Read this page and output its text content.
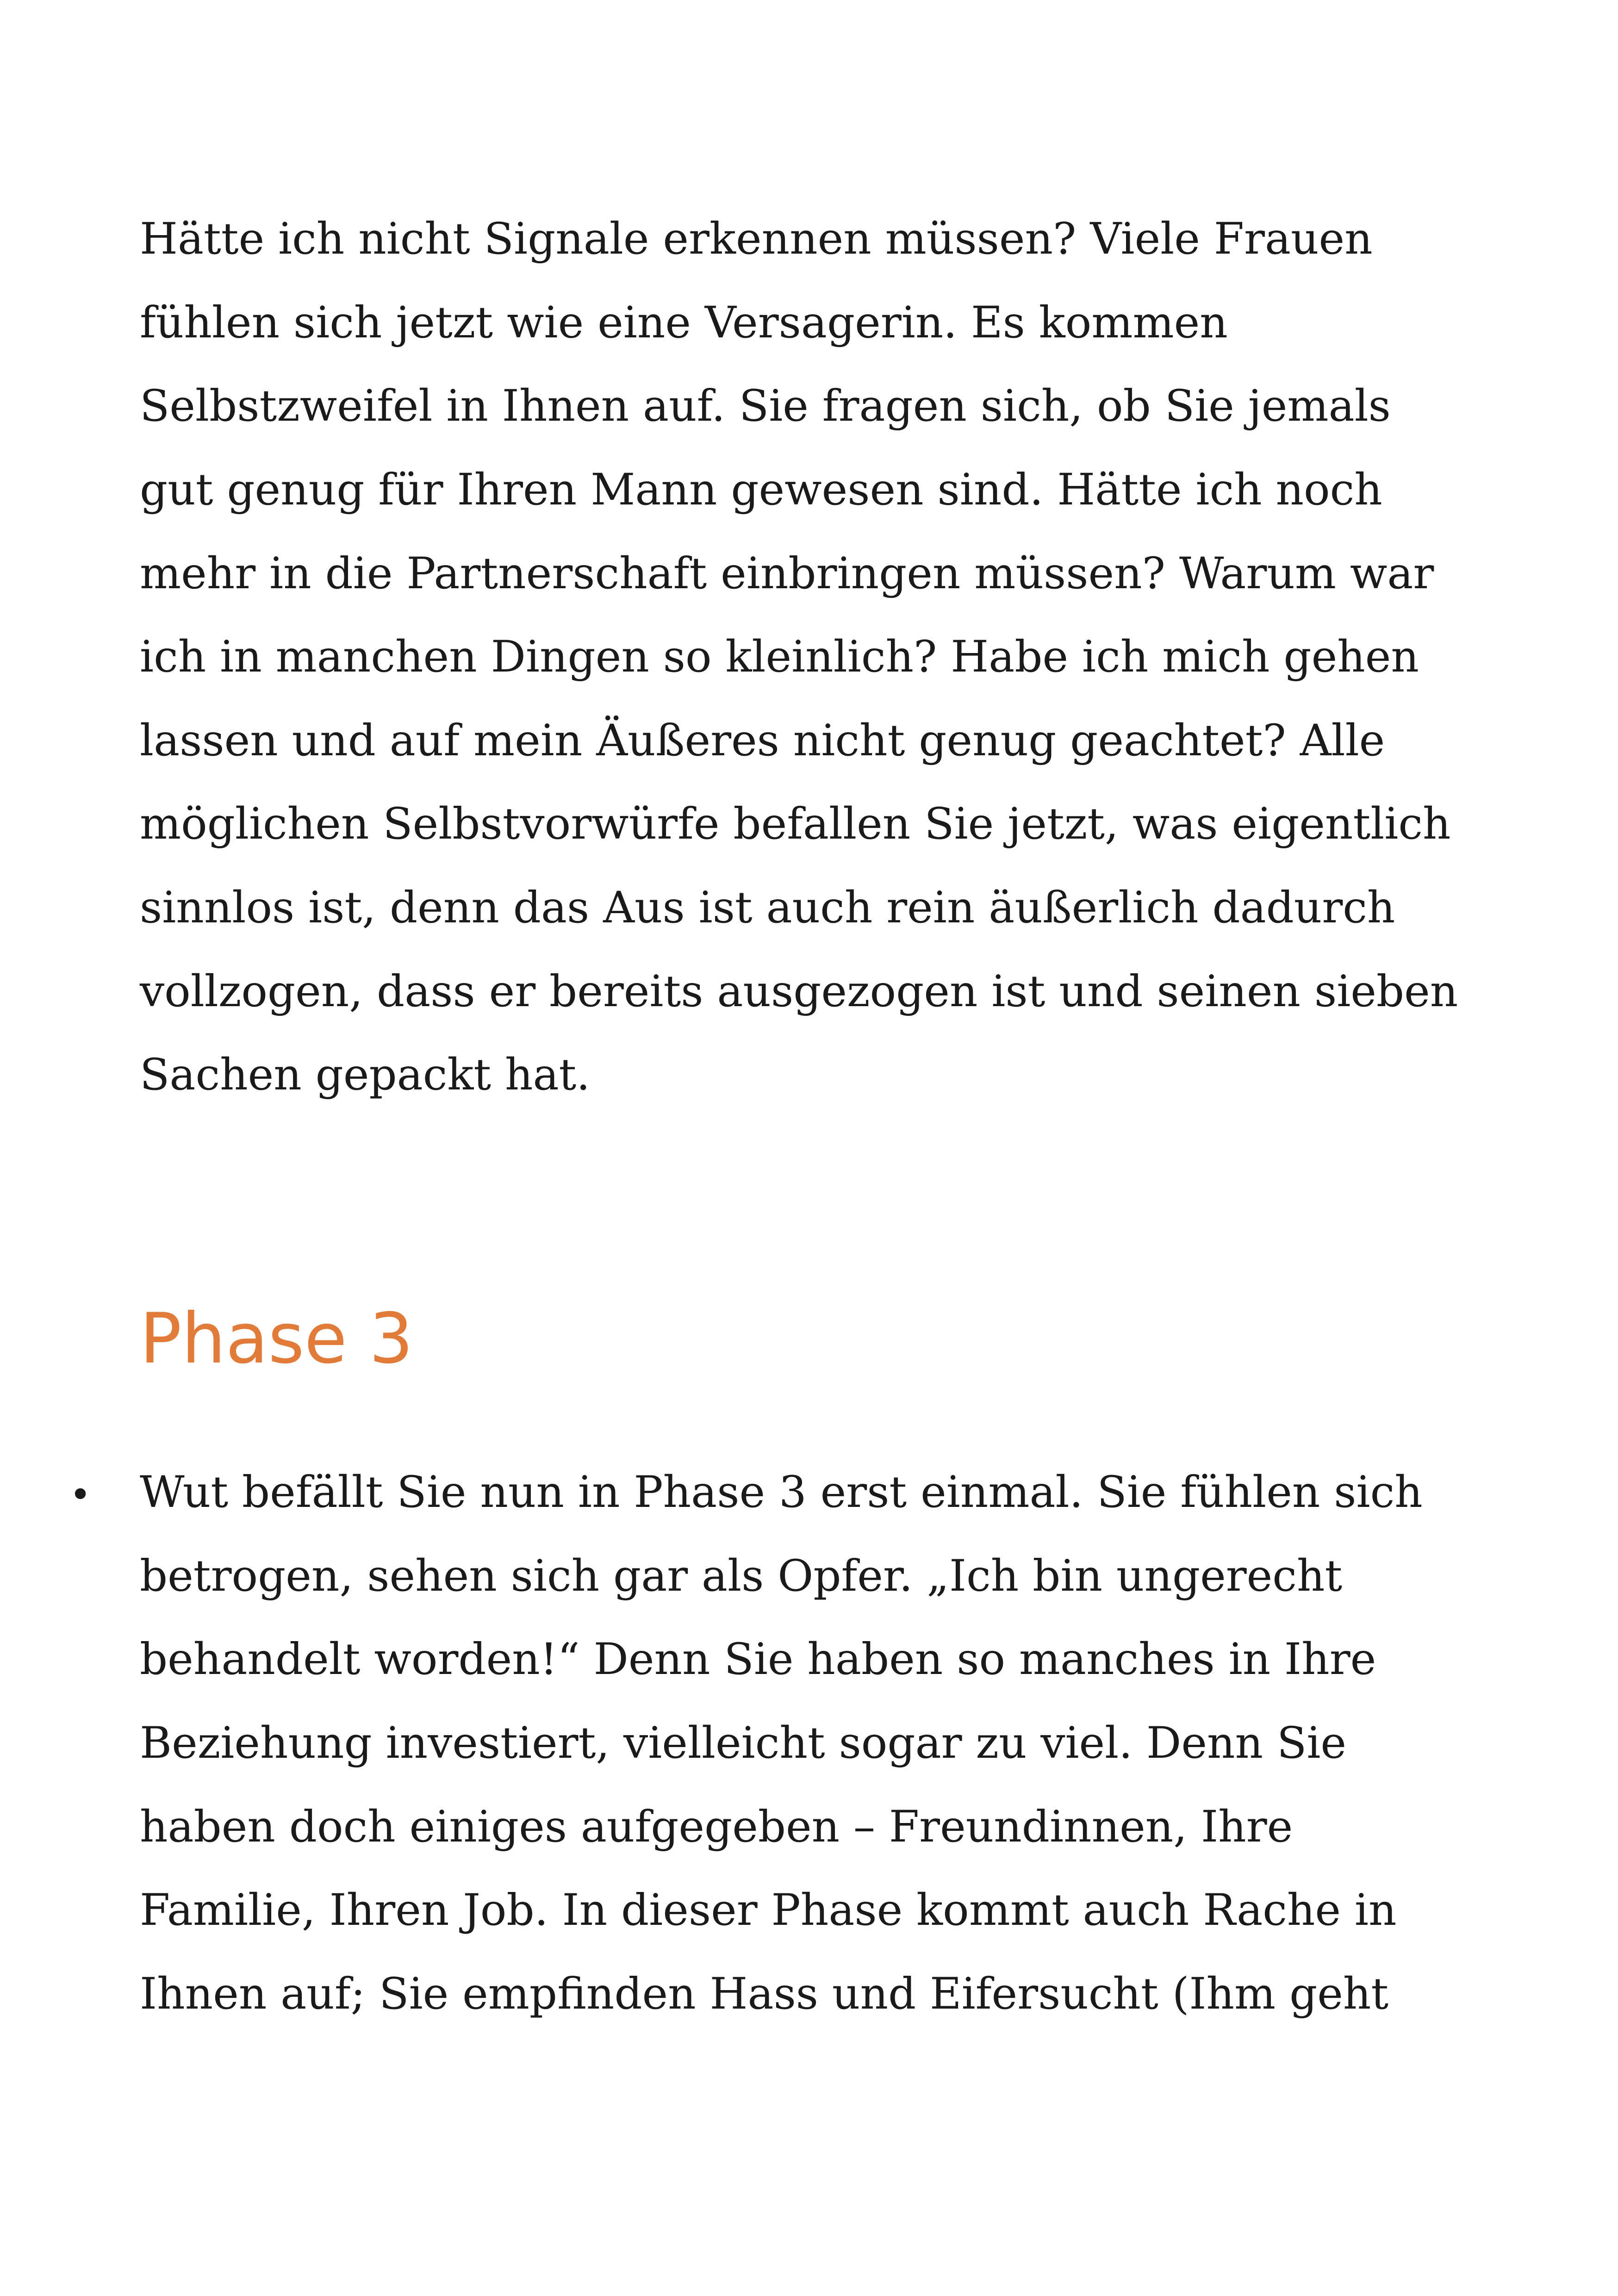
Hätte ich nicht Signale erkennen müssen? Viele Frauen
fühlen sich jetzt wie eine Versagerin. Es kommen
Selbstzweifel in Ihnen auf. Sie fragen sich, ob Sie jemals
gut genug für Ihren Mann gewesen sind. Hätte ich noch
mehr in die Partnerschaft einbringen müssen? Warum war
ich in manchen Dingen so kleinlich? Habe ich mich gehen
lassen und auf mein Äußeres nicht genug geachtet? Alle
möglichen Selbstvorwürfe befallen Sie jetzt, was eigentlich
sinnlos ist, denn das Aus ist auch rein äußerlich dadurch
vollzogen, dass er bereits ausgezogen ist und seinen sieben
Sachen gepackt hat.
Phase 3
• Wut befällt Sie nun in Phase 3 erst einmal. Sie fühlen sich
betrogen, sehen sich gar als Opfer. „Ich bin ungerecht
behandelt worden!“ Denn Sie haben so manches in Ihre
Beziehung investiert, vielleicht sogar zu viel. Denn Sie
haben doch einiges aufgegeben – Freundinnen, Ihre
Familie, Ihren Job. In dieser Phase kommt auch Rache in
Ihnen auf; Sie empfinden Hass und Eifersucht (Ihm geht
